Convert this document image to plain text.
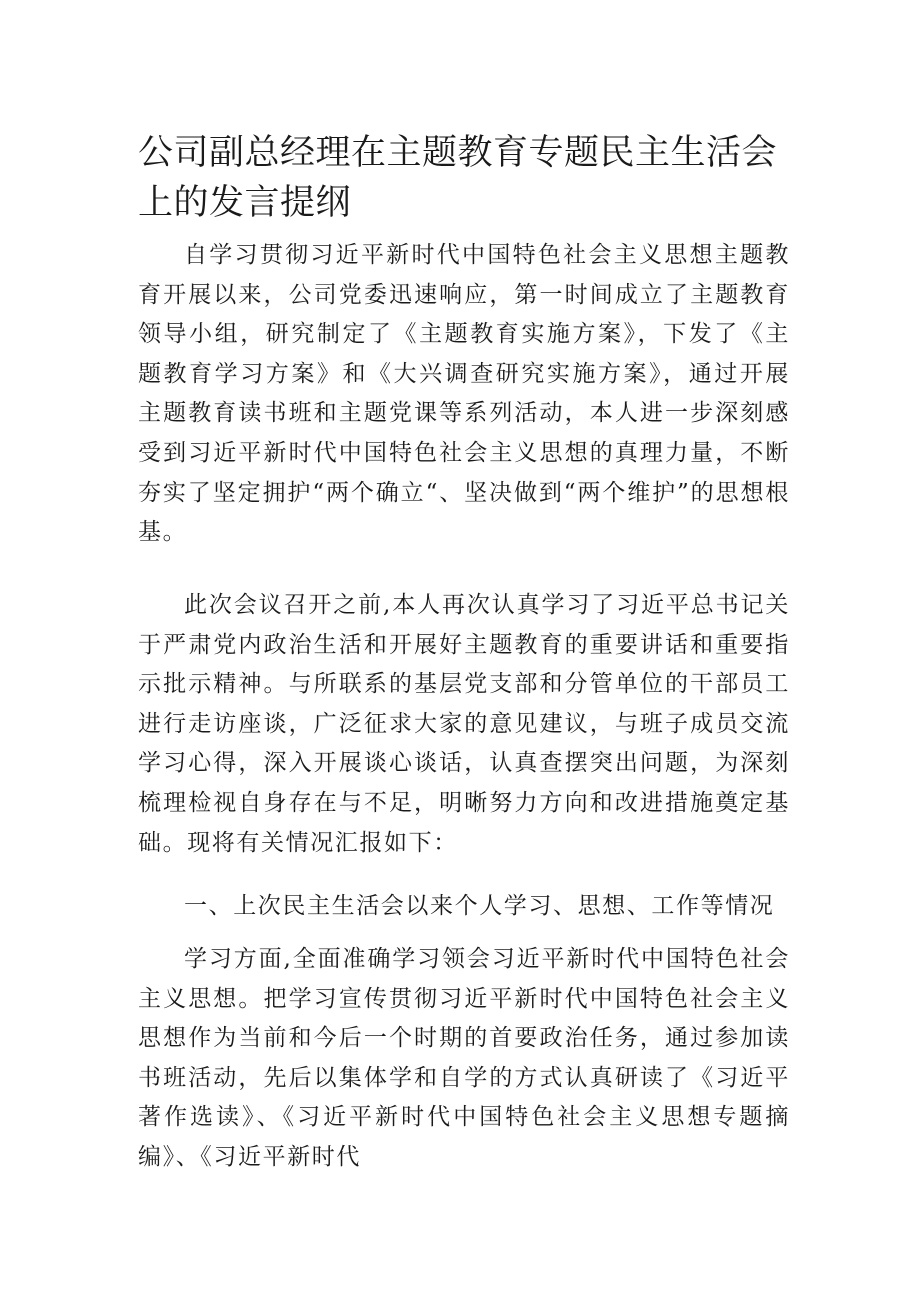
公司副总经理在主题教育专题民主生活会上的发言提纲

自学习贯彻习近平新时代中国特色社会主义思想主题教育开展以来，公司党委迅速响应，第一时间成立了主题教育领导小组，研究制定了《主题教育实施方案》，下发了《主题教育学习方案》和《大兴调查研究实施方案》，通过开展主题教育读书班和主题党课等系列活动，本人进一步深刻感受到习近平新时代中国特色社会主义思想的真理力量，不断夯实了坚定拥护“两个确立“、坚决做到“两个维护”的思想根基。

此次会议召开之前,本人再次认真学习了习近平总书记关于严肃党内政治生活和开展好主题教育的重要讲话和重要指示批示精神。与所联系的基层党支部和分管单位的干部员工进行走访座谈，广泛征求大家的意见建议，与班子成员交流学习心得，深入开展谈心谈话，认真查摆突出问题，为深刻梳理检视自身存在与不足，明晰努力方向和改进措施奠定基础。现将有关情况汇报如下：

一、上次民主生活会以来个人学习、思想、工作等情况

学习方面,全面准确学习领会习近平新时代中国特色社会主义思想。把学习宣传贯彻习近平新时代中国特色社会主义思想作为当前和今后一个时期的首要政治任务，通过参加读书班活动，先后以集体学和自学的方式认真研读了《习近平著作选读》、《习近平新时代中国特色社会主义思想专题摘编》、《习近平新时代
